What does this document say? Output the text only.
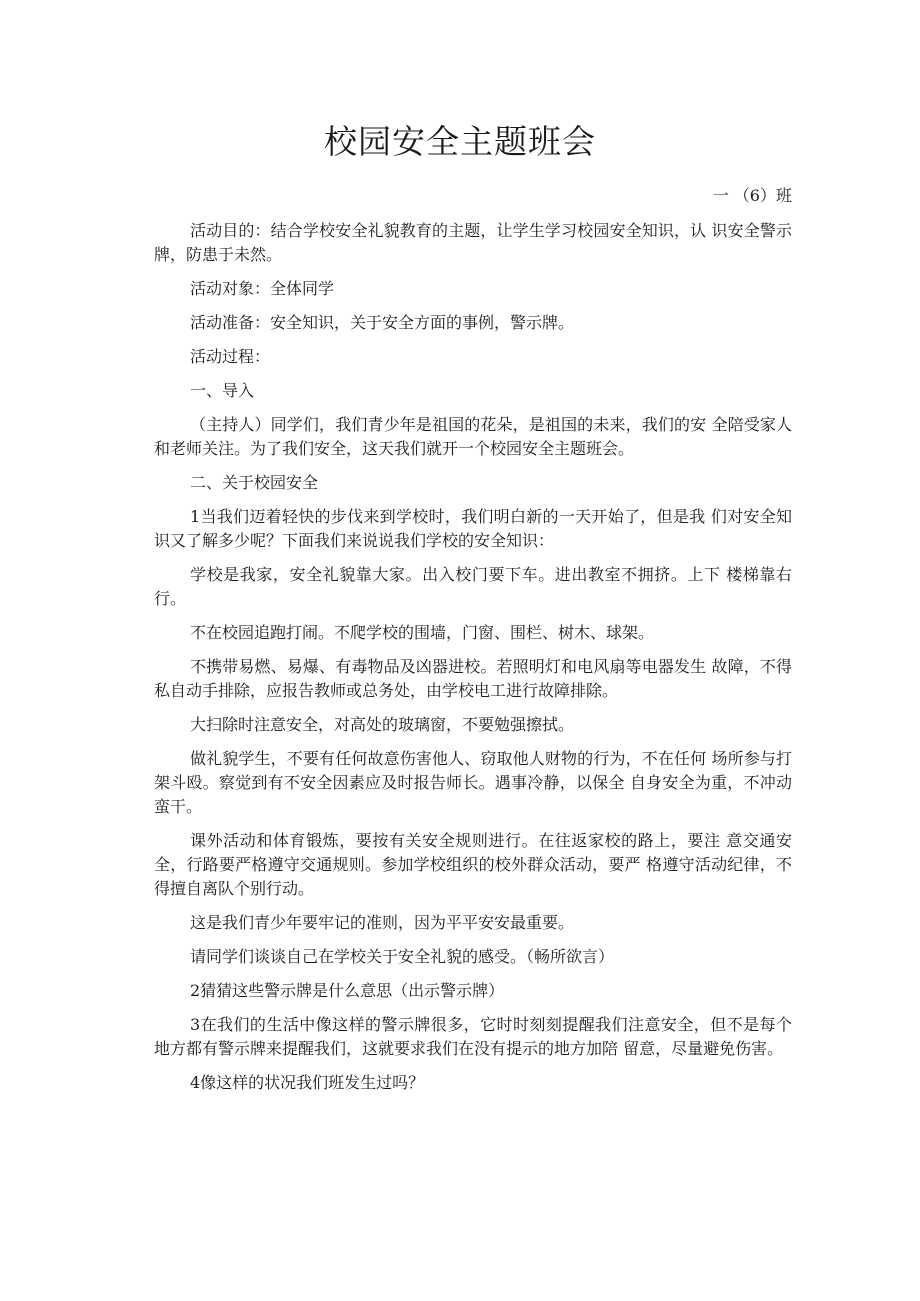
校园安全主题班会

一 （6）班

活动目的：结合学校安全礼貌教育的主题，让学生学习校园安全知识，认 识安全警示牌，防患于未然。

活动对象：全体同学

活动准备：安全知识，关于安全方面的事例，警示牌。

活动过程：

一、导入

（主持人）同学们，我们青少年是祖国的花朵，是祖国的未来，我们的安 全陪受家人和老师关注。为了我们安全，这天我们就开一个校园安全主题班会。

二、关于校园安全

1当我们迈着轻快的步伐来到学校时，我们明白新的一天开始了，但是我 们对安全知识又了解多少呢？下面我们来说说我们学校的安全知识：

学校是我家，安全礼貌靠大家。出入校门要下车。进出教室不拥挤。上下 楼梯靠右行。

不在校园追跑打闹。不爬学校的围墙，门窗、围栏、树木、球架。

不携带易燃、易爆、有毒物品及凶器进校。若照明灯和电风扇等电器发生 故障，不得私自动手排除，应报告教师或总务处，由学校电工进行故障排除。

大扫除时注意安全，对高处的玻璃窗，不要勉强擦拭。

做礼貌学生，不要有任何故意伤害他人、窃取他人财物的行为，不在任何 场所参与打架斗殴。察觉到有不安全因素应及时报告师长。遇事冷静，以保全 自身安全为重，不冲动蛮干。

课外活动和体育锻炼，要按有关安全规则进行。在往返家校的路上，要注 意交通安全，行路要严格遵守交通规则。参加学校组织的校外群众活动，要严 格遵守活动纪律，不得擅自离队个别行动。

这是我们青少年要牢记的准则，因为平平安安最重要。

请同学们谈谈自己在学校关于安全礼貌的感受。（畅所欲言）

2猜猜这些警示牌是什么意思（出示警示牌）

3在我们的生活中像这样的警示牌很多，它时时刻刻提醒我们注意安全，但不是每个地方都有警示牌来提醒我们，这就要求我们在没有提示的地方加陪 留意，尽量避免伤害。

4像这样的状况我们班发生过吗？
